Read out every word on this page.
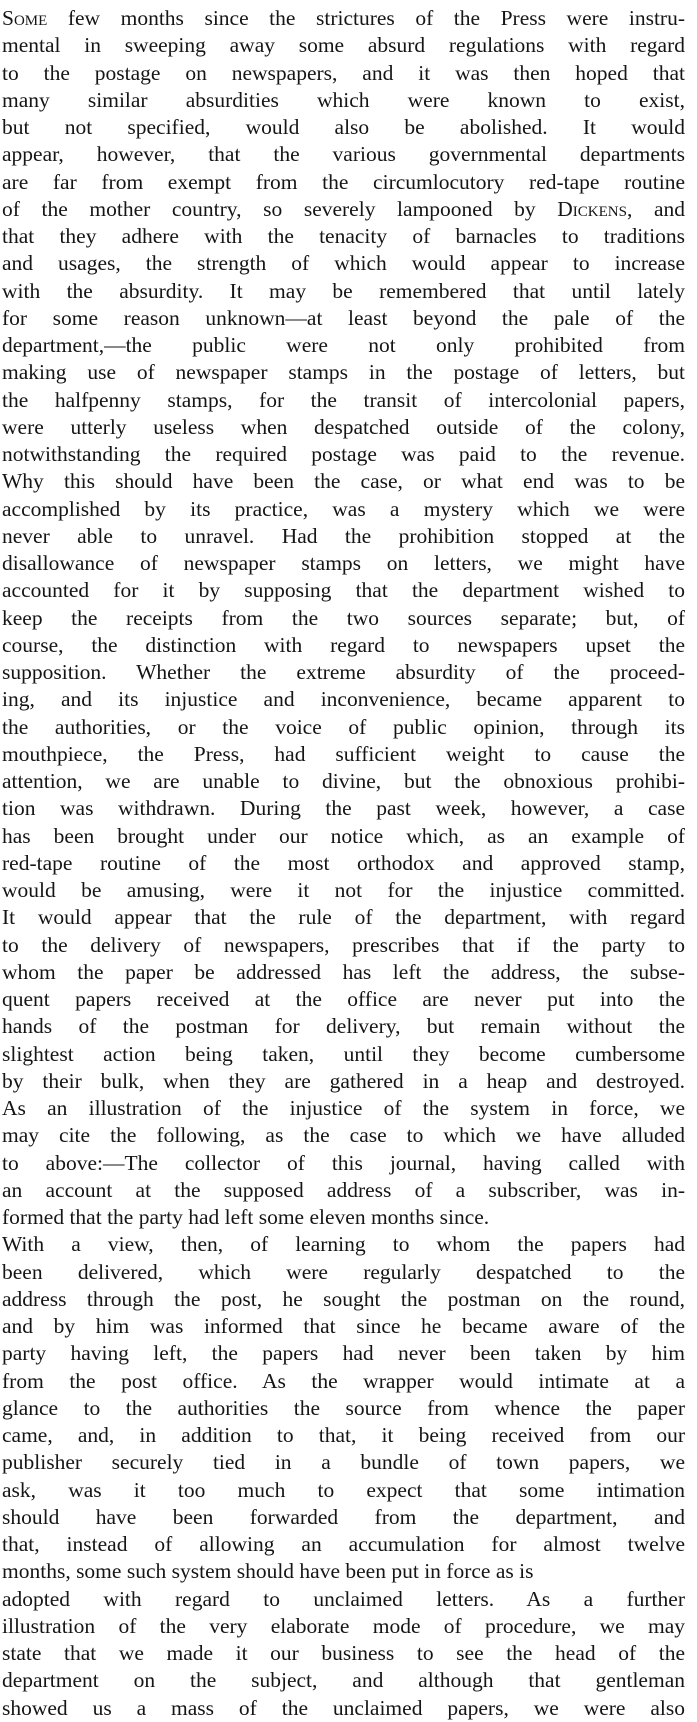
Some few months since the strictures of the Press were instru-
mental in sweeping away some absurd regulations with regard
to the postage on newspapers, and it was then hoped that
many similar absurdities which were known to exist,
but not specified, would also be abolished. It would
appear, however, that the various governmental departments
are far from exempt from the circumlocutory red-tape routine
of the mother country, so severely lampooned by Dickens, and
that they adhere with the tenacity of barnacles to traditions
and usages, the strength of which would appear to increase
with the absurdity. It may be remembered that until lately
for some reason unknown—at least beyond the pale of the
department,—the public were not only prohibited from
making use of newspaper stamps in the postage of letters, but
the halfpenny stamps, for the transit of intercolonial papers,
were utterly useless when despatched outside of the colony,
notwithstanding the required postage was paid to the revenue.
Why this should have been the case, or what end was to be
accomplished by its practice, was a mystery which we were
never able to unravel. Had the prohibition stopped at the
disallowance of newspaper stamps on letters, we might have
accounted for it by supposing that the department wished to
keep the receipts from the two sources separate; but, of
course, the distinction with regard to newspapers upset the
supposition. Whether the extreme absurdity of the proceed-
ing, and its injustice and inconvenience, became apparent to
the authorities, or the voice of public opinion, through its
mouthpiece, the Press, had sufficient weight to cause the
attention, we are unable to divine, but the obnoxious prohibi-
tion was withdrawn. During the past week, however, a case
has been brought under our notice which, as an example of
red-tape routine of the most orthodox and approved stamp,
would be amusing, were it not for the injustice committed.
It would appear that the rule of the department, with regard
to the delivery of newspapers, prescribes that if the party to
whom the paper be addressed has left the address, the subse-
quent papers received at the office are never put into the
hands of the postman for delivery, but remain without the
slightest action being taken, until they become cumbersome
by their bulk, when they are gathered in a heap and destroyed.
As an illustration of the injustice of the system in force, we
may cite the following, as the case to which we have alluded
to above:—The collector of this journal, having called with
an account at the supposed address of a subscriber, was in-
formed that the party had left some eleven months since.
With a view, then, of learning to whom the papers had
been delivered, which were regularly despatched to the
address through the post, he sought the postman on the round,
and by him was informed that since he became aware of the
party having left, the papers had never been taken by him
from the post office. As the wrapper would intimate at a
glance to the authorities the source from whence the paper
came, and, in addition to that, it being received from our
publisher securely tied in a bundle of town papers, we
ask, was it too much to expect that some intimation
should have been forwarded from the department, and
that, instead of allowing an accumulation for almost twelve
months, some such system should have been put in force as is
adopted with regard to unclaimed letters. As a further
illustration of the very elaborate mode of procedure, we may
state that we made it our business to see the head of the
department on the subject, and although that gentleman
showed us a mass of the unclaimed papers, we were also
